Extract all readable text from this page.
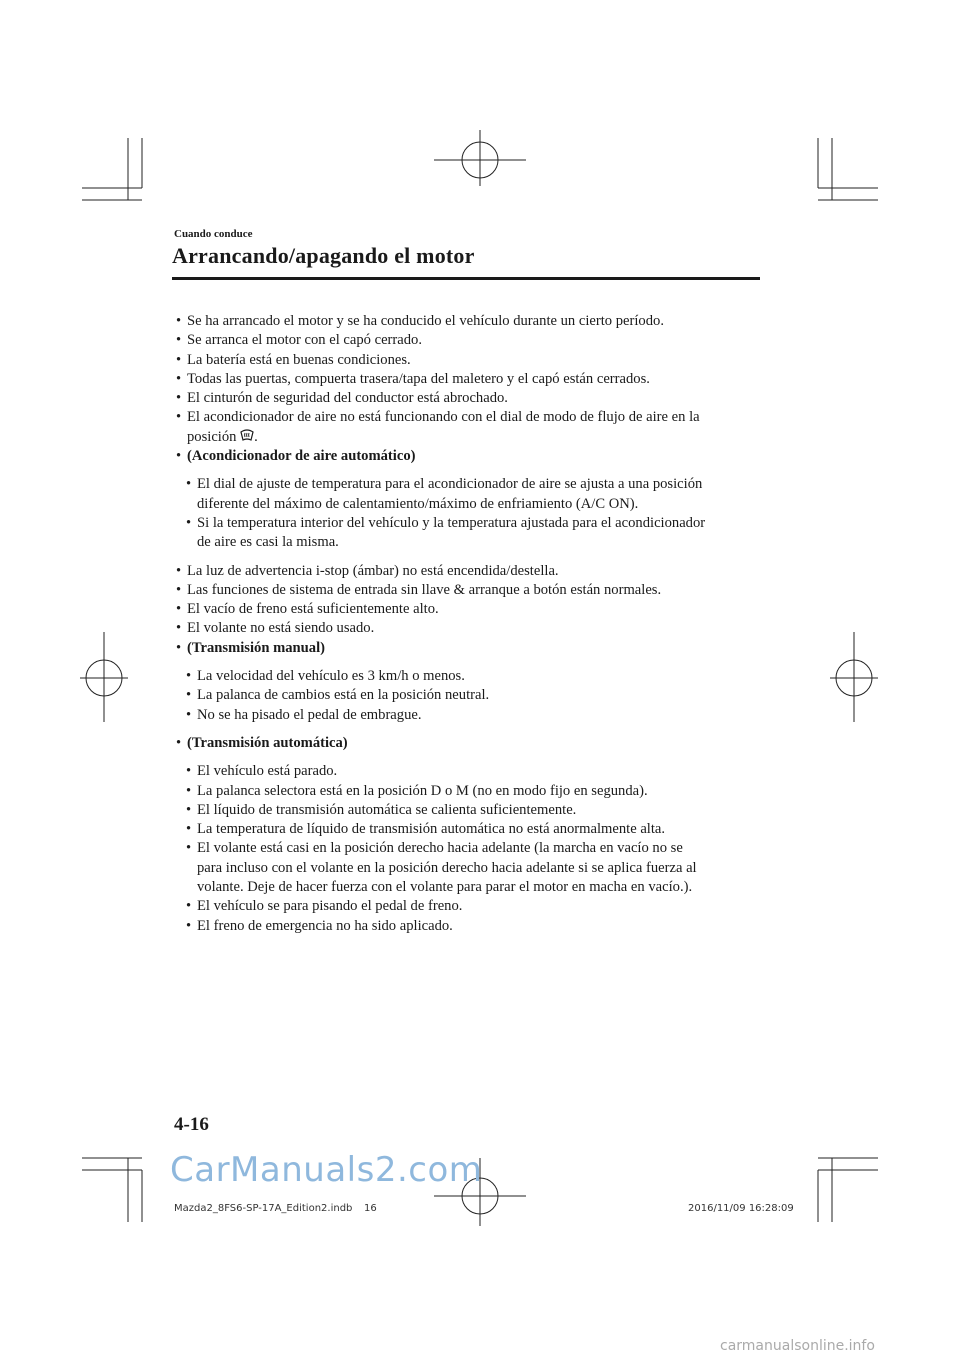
Cuando conduce
Arrancando/apagando el motor
• Se ha arrancado el motor y se ha conducido el vehículo durante un cierto período.
• Se arranca el motor con el capó cerrado.
• La batería está en buenas condiciones.
• Todas las puertas, compuerta trasera/tapa del maletero y el capó están cerrados.
• El cinturón de seguridad del conductor está abrochado.
• El acondicionador de aire no está funcionando con el dial de modo de flujo de aire en la
posición .
• (Acondicionador de aire automático)
• El dial de ajuste de temperatura para el acondicionador de aire se ajusta a una posición
diferente del máximo de calentamiento/máximo de enfriamiento (A/C ON).
• Si la temperatura interior del vehículo y la temperatura ajustada para el acondicionador
de aire es casi la misma.
• La luz de advertencia i-stop (ámbar) no está encendida/destella.
• Las funciones de sistema de entrada sin llave & arranque a botón están normales.
• El vacío de freno está suficientemente alto.
• El volante no está siendo usado.
• (Transmisión manual)
• La velocidad del vehículo es 3 km/h o menos.
• La palanca de cambios está en la posición neutral.
• No se ha pisado el pedal de embrague.
• (Transmisión automática)
• El vehículo está parado.
• La palanca selectora está en la posición D o M (no en modo fijo en segunda).
• El líquido de transmisión automática se calienta suficientemente.
• La temperatura de líquido de transmisión automática no está anormalmente alta.
• El volante está casi en la posición derecho hacia adelante (la marcha en vacío no se
para incluso con el volante en la posición derecho hacia adelante si se aplica fuerza al
volante. Deje de hacer fuerza con el volante para parar el motor en macha en vacío.).
• El vehículo se para pisando el pedal de freno.
• El freno de emergencia no ha sido aplicado.
4-16
CarManuals2.com
Mazda2_8FS6-SP-17A_Edition2.indb 16	2016/11/09 16:28:09
carmanualsonline.info
